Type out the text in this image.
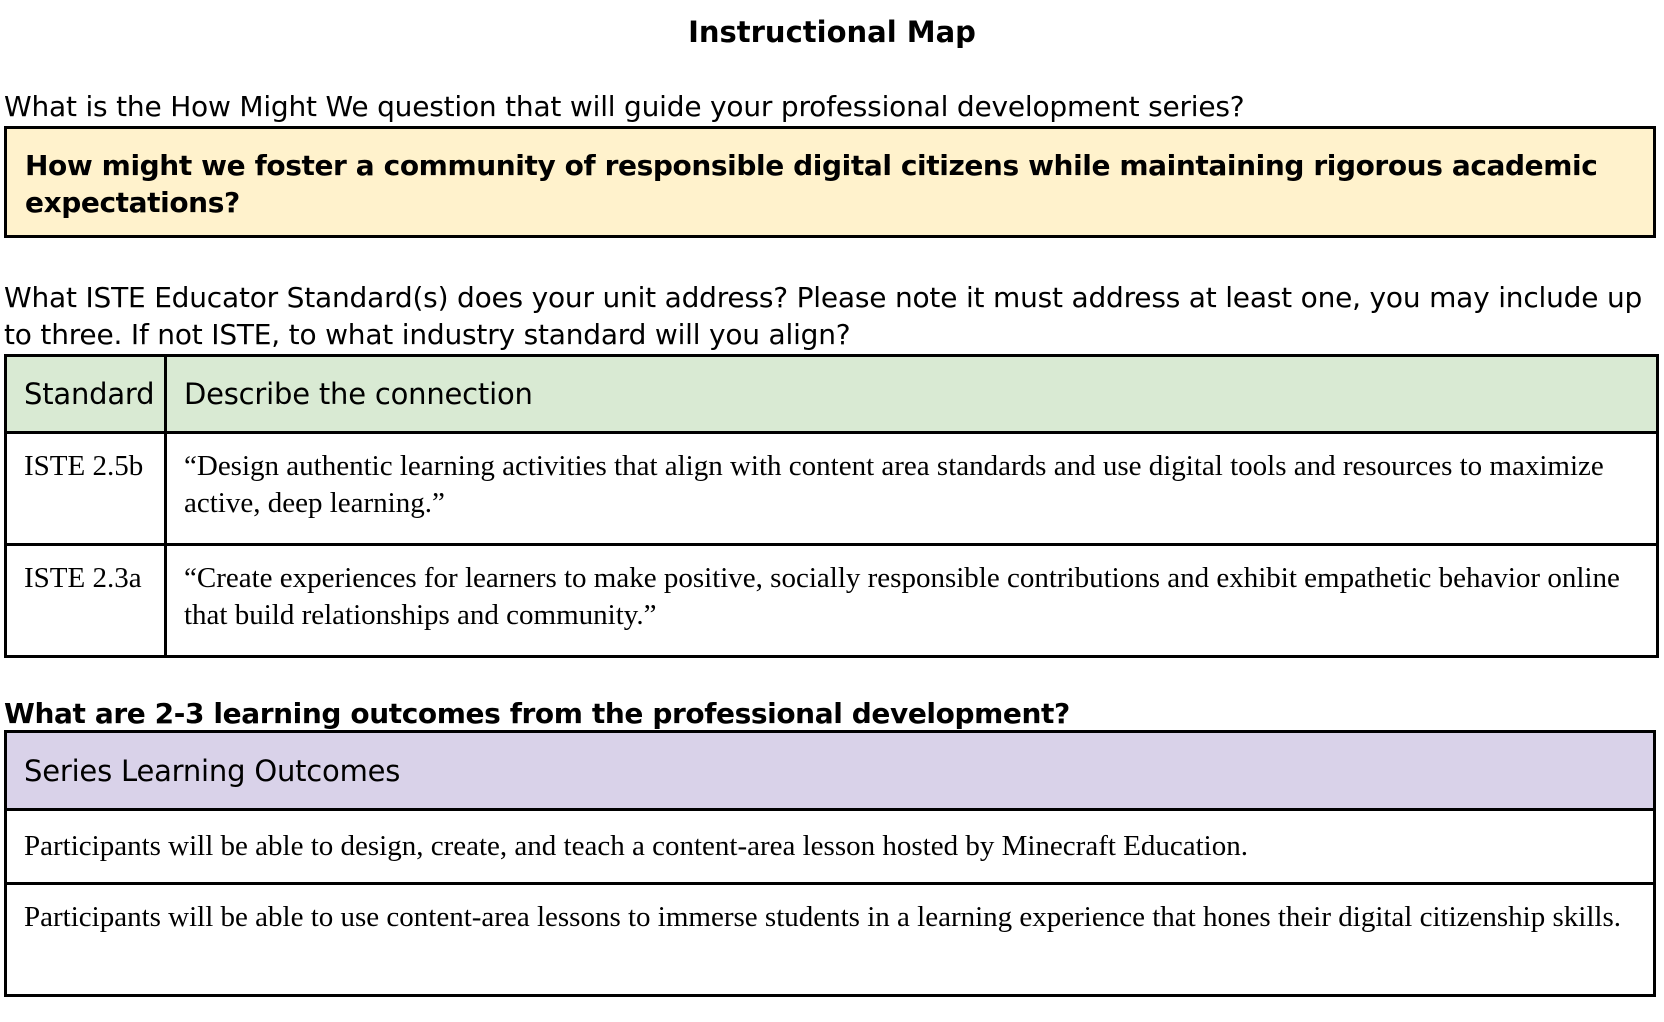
Instructional Map
What is the How Might We question that will guide your professional development series?
How might we foster a community of responsible digital citizens while maintaining rigorous academic expectations?
What ISTE Educator Standard(s) does your unit address? Please note it must address at least one, you may include up to three. If not ISTE, to what industry standard will you align?
Standard	Describe the connection
ISTE 2.5b	“Design authentic learning activities that align with content area standards and use digital tools and resources to maximize active, deep learning.”
ISTE 2.3a	“Create experiences for learners to make positive, socially responsible contributions and exhibit empathetic behavior online that build relationships and community.”
What are 2-3 learning outcomes from the professional development?
Series Learning Outcomes
Participants will be able to design, create, and teach a content-area lesson hosted by Minecraft Education.
Participants will be able to use content-area lessons to immerse students in a learning experience that hones their digital citizenship skills.
